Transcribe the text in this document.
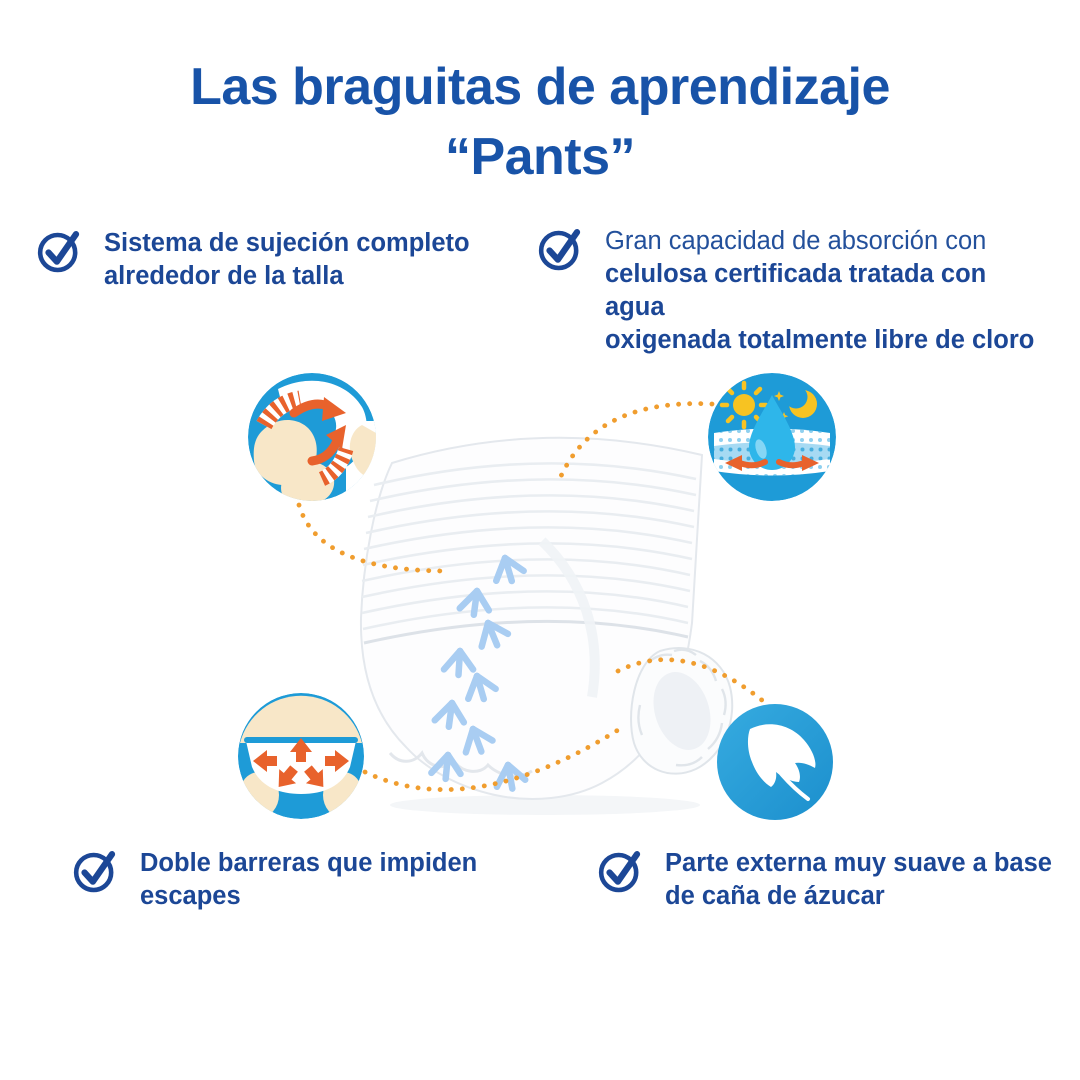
Las braguitas de aprendizaje
“Pants”
Sistema de sujeción completo
alrededor de la talla
Gran capacidad de absorción con
celulosa certificada tratada con agua
oxigenada totalmente libre de cloro
Doble barreras que impiden
escapes
Parte externa muy suave a base
de caña de ázucar
